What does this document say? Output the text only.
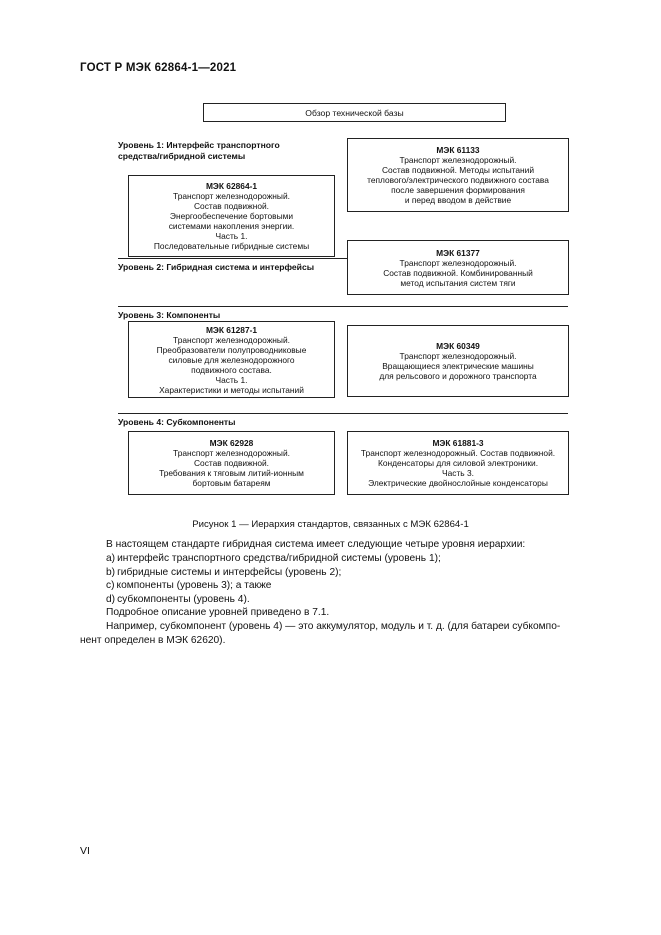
ГОСТ Р МЭК 62864-1—2021
Обзор технической базы
Уровень 1: Интерфейс транспортного
средства/гибридной системы
Уровень 2: Гибридная система и интерфейсы
Уровень 3: Компоненты
Уровень 4: Субкомпоненты
МЭК 62864-1
Транспорт железнодорожный.
Состав подвижной.
Энергообеспечение бортовыми
системами накопления энергии.
Часть 1.
Последовательные гибридные системы
МЭК 61133
Транспорт железнодорожный.
Состав подвижной. Методы испытаний
теплового/электрического подвижного состава
после завершения формирования
и перед вводом в действие
МЭК 61377
Транспорт железнодорожный.
Состав подвижной. Комбинированный
метод испытания систем тяги
МЭК 61287-1
Транспорт железнодорожный.
Преобразователи полупроводниковые
силовые для железнодорожного
подвижного состава.
Часть 1.
Характеристики и методы испытаний
МЭК 60349
Транспорт железнодорожный.
Вращающиеся электрические машины
для рельсового и дорожного транспорта
МЭК 62928
Транспорт железнодорожный.
Состав подвижной.
Требования к тяговым литий-ионным
бортовым батареям
МЭК 61881-3
Транспорт железнодорожный. Состав подвижной.
Конденсаторы для силовой электроники.
Часть 3.
Электрические двойнослойные конденсаторы
Рисунок 1 — Иерархия стандартов, связанных с МЭК 62864-1
В настоящем стандарте гибридная система имеет следующие четыре уровня иерархии:
a) интерфейс транспортного средства/гибридной системы (уровень 1);
b) гибридные системы и интерфейсы (уровень 2);
c) компоненты (уровень 3); а также
d) субкомпоненты (уровень 4).
Подробное описание уровней приведено в 7.1.
Например, субкомпонент (уровень 4) — это аккумулятор, модуль и т. д. (для батареи субкомпо-
нент определен в МЭК 62620).
VI
